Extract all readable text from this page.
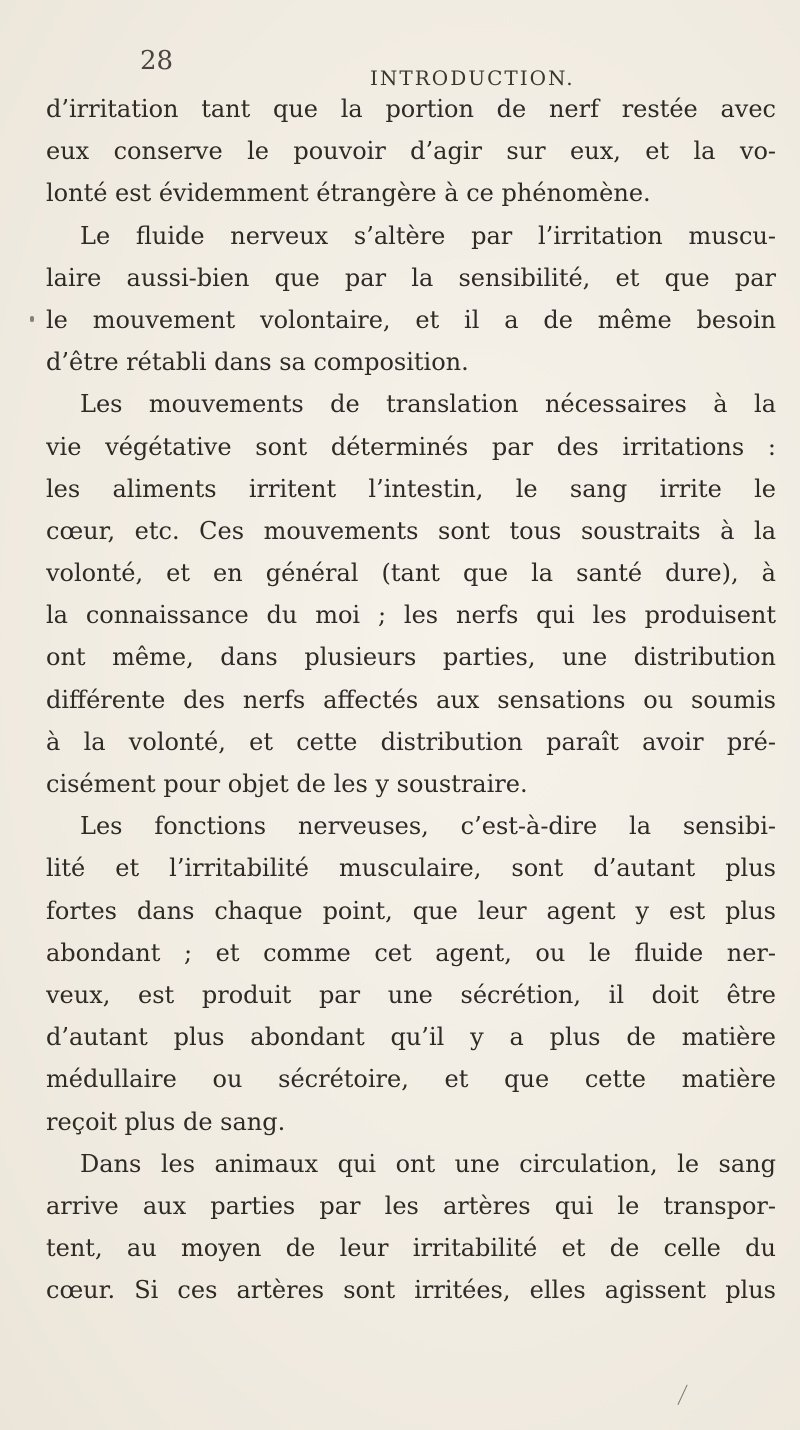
28
INTRODUCTION.
d’irritation tant que la portion de nerf restée avec
eux conserve le pouvoir d’agir sur eux, et la vo-
lonté est évidemment étrangère à ce phénomène.
Le fluide nerveux s’altère par l’irritation muscu-
laire aussi-bien que par la sensibilité, et que par
le mouvement volontaire, et il a de même besoin
d’être rétabli dans sa composition.
Les mouvements de translation nécessaires à la
vie végétative sont déterminés par des irritations :
les aliments irritent l’intestin, le sang irrite le
cœur, etc. Ces mouvements sont tous soustraits à la
volonté, et en général (tant que la santé dure), à
la connaissance du moi ; les nerfs qui les produisent
ont même, dans plusieurs parties, une distribution
différente des nerfs affectés aux sensations ou soumis
à la volonté, et cette distribution paraît avoir pré-
cisément pour objet de les y soustraire.
Les fonctions nerveuses, c’est-à-dire la sensibi-
lité et l’irritabilité musculaire, sont d’autant plus
fortes dans chaque point, que leur agent y est plus
abondant ; et comme cet agent, ou le fluide ner-
veux, est produit par une sécrétion, il doit être
d’autant plus abondant qu’il y a plus de matière
médullaire ou sécrétoire, et que cette matière
reçoit plus de sang.
Dans les animaux qui ont une circulation, le sang
arrive aux parties par les artères qui le transpor-
tent, au moyen de leur irritabilité et de celle du
cœur. Si ces artères sont irritées, elles agissent plus
